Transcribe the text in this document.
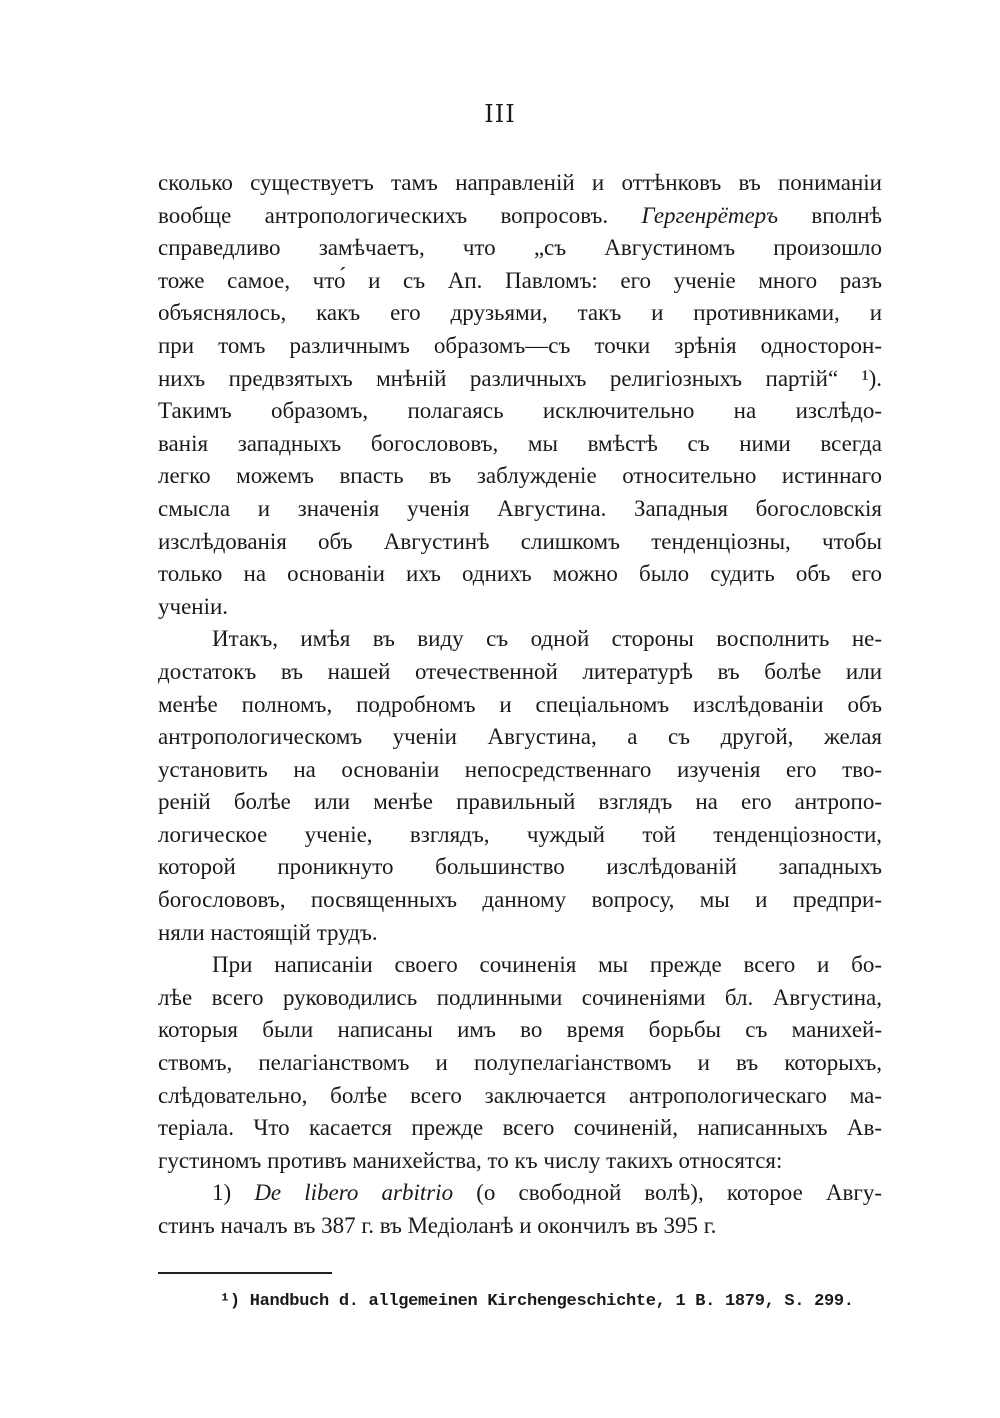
III
сколько существуетъ тамъ направленій и оттѣнковъ въ пониманіи
вообще антропологическихъ вопросовъ. Гергенрётеръ вполнѣ
справедливо замѣчаетъ, что „съ Августиномъ произошло
тоже самое, что́ и съ Ап. Павломъ: его ученіе много разъ
объяснялось, какъ его друзьями, такъ и противниками, и
при томъ различнымъ образомъ—съ точки зрѣнія односторон-
нихъ предвзятыхъ мнѣній различныхъ религіозныхъ партій“ ¹).
Такимъ образомъ, полагаясь исключительно на изслѣдо-
ванія западныхъ богослововъ, мы вмѣстѣ съ ними всегда
легко можемъ впасть въ заблужденіе относительно истиннаго
смысла и значенія ученія Августина. Западныя богословскія
изслѣдованія объ Августинѣ слишкомъ тенденціозны, чтобы
только на основаніи ихъ однихъ можно было судить объ его
ученіи.
Итакъ, имѣя въ виду съ одной стороны восполнить не-
достатокъ въ нашей отечественной литературѣ въ болѣе или
менѣе полномъ, подробномъ и спеціальномъ изслѣдованіи объ
антропологическомъ ученіи Августина, а съ другой, желая
установить на основаніи непосредственнаго изученія его тво-
реній болѣе или менѣе правильный взглядъ на его антропо-
логическое ученіе, взглядъ, чуждый той тенденціозности,
которой проникнуто большинство изслѣдованій западныхъ
богослововъ, посвященныхъ данному вопросу, мы и предпри-
няли настоящій трудъ.
При написаніи своего сочиненія мы прежде всего и бо-
лѣе всего руководились подлинными сочиненіями бл. Августина,
которыя были написаны имъ во время борьбы съ манихей-
ствомъ, пелагіанствомъ и полупелагіанствомъ и въ которыхъ,
слѣдовательно, болѣе всего заключается антропологическаго ма-
теріала. Что касается прежде всего сочиненій, написанныхъ Ав-
густиномъ противъ манихейства, то къ числу такихъ относятся:
1) De libero arbitrio (о свободной волѣ), которое Авгу-
стинъ началъ въ 387 г. въ Медіоланѣ и окончилъ въ 395 г.
¹) Handbuch d. allgemeinen Kirchengeschichte, 1 B. 1879, S. 299.
